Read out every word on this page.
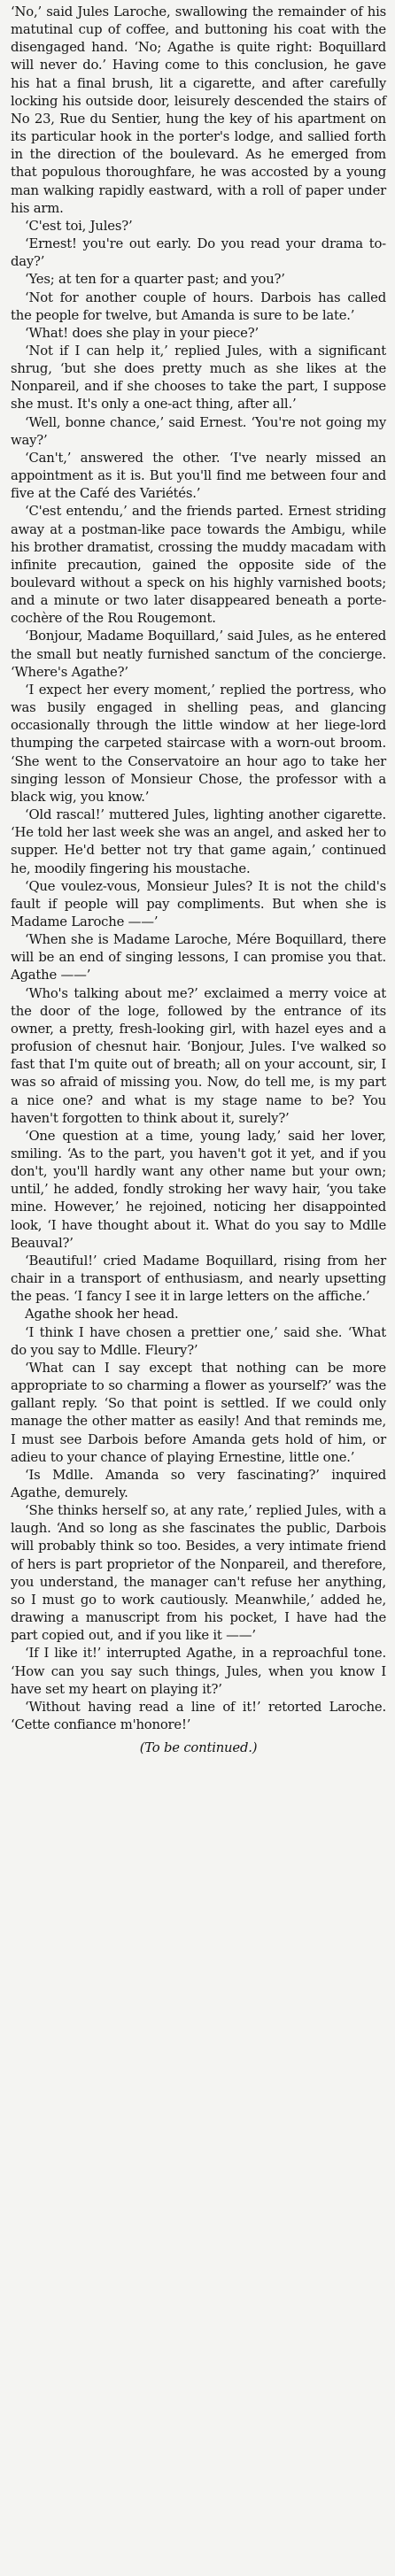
‘No,’ said Jules Laroche, swallowing the remainder of his matutinal cup of coffee, and buttoning his coat with the disengaged hand. ‘No; Agathe is quite right: Boquillard will never do.’ Having come to this conclusion, he gave his hat a final brush, lit a cigarette, and after carefully locking his outside door, leisurely descended the stairs of No 23, Rue du Sentier, hung the key of his apartment on its particular hook in the porter's lodge, and sallied forth in the direction of the boulevard. As he emerged from that populous thoroughfare, he was accosted by a young man walking rapidly eastward, with a roll of paper under his arm.

‘C'est toi, Jules?’

‘Ernest! you're out early. Do you read your drama to-day?’

‘Yes; at ten for a quarter past; and you?’

‘Not for another couple of hours. Darbois has called the people for twelve, but Amanda is sure to be late.’

‘What! does she play in your piece?’

‘Not if I can help it,’ replied Jules, with a significant shrug, ‘but she does pretty much as she likes at the Nonpareil, and if she chooses to take the part, I suppose she must. It's only a one-act thing, after all.’

‘Well, bonne chance,’ said Ernest. ‘You're not going my way?’

‘Can't,’ answered the other. ‘I've nearly missed an appointment as it is. But you'll find me between four and five at the Café des Variétés.’

‘C'est entendu,’ and the friends parted. Ernest striding away at a postman-like pace towards the Ambigu, while his brother dramatist, crossing the muddy macadam with infinite precaution, gained the opposite side of the boulevard without a speck on his highly varnished boots; and a minute or two later disappeared beneath a porte-cochère of the Rou Rougemont.

‘Bonjour, Madame Boquillard,’ said Jules, as he entered the small but neatly furnished sanctum of the concierge. ‘Where's Agathe?’

‘I expect her every moment,’ replied the portress, who was busily engaged in shelling peas, and glancing occasionally through the little window at her liege-lord thumping the carpeted staircase with a worn-out broom. ‘She went to the Conservatoire an hour ago to take her singing lesson of Monsieur Chose, the professor with a black wig, you know.’

‘Old rascal!’ muttered Jules, lighting another cigarette. ‘He told her last week she was an angel, and asked her to supper. He'd better not try that game again,’ continued he, moodily fingering his moustache.

‘Que voulez-vous, Monsieur Jules? It is not the child's fault if people will pay compliments. But when she is Madame Laroche ——’

‘When she is Madame Laroche, Mére Boquillard, there will be an end of singing lessons, I can promise you that. Agathe ——’

‘Who's talking about me?’ exclaimed a merry voice at the door of the loge, followed by the entrance of its owner, a pretty, fresh-looking girl, with hazel eyes and a profusion of chesnut hair. ‘Bonjour, Jules. I've walked so fast that I'm quite out of breath; all on your account, sir, I was so afraid of missing you. Now, do tell me, is my part a nice one? and what is my stage name to be? You haven't forgotten to think about it, surely?’

‘One question at a time, young lady,’ said her lover, smiling. ‘As to the part, you haven't got it yet, and if you don't, you'll hardly want any other name but your own; until,’ he added, fondly stroking her wavy hair, ‘you take mine. However,’ he rejoined, noticing her disappointed look, ‘I have thought about it. What do you say to Mdlle Beauval?’

‘Beautiful!’ cried Madame Boquillard, rising from her chair in a transport of enthusiasm, and nearly upsetting the peas. ‘I fancy I see it in large letters on the affiche.’

Agathe shook her head.

‘I think I have chosen a prettier one,’ said she. ‘What do you say to Mdlle. Fleury?’

‘What can I say except that nothing can be more appropriate to so charming a flower as yourself?’ was the gallant reply. ‘So that point is settled. If we could only manage the other matter as easily! And that reminds me, I must see Darbois before Amanda gets hold of him, or adieu to your chance of playing Ernestine, little one.’

‘Is Mdlle. Amanda so very fascinating?’ inquired Agathe, demurely.

‘She thinks herself so, at any rate,’ replied Jules, with a laugh. ‘And so long as she fascinates the public, Darbois will probably think so too. Besides, a very intimate friend of hers is part proprietor of the Nonpareil, and therefore, you understand, the manager can't refuse her anything, so I must go to work cautiously. Meanwhile,’ added he, drawing a manuscript from his pocket, I have had the part copied out, and if you like it ——’

‘If I like it!’ interrupted Agathe, in a reproachful tone. ‘How can you say such things, Jules, when you know I have set my heart on playing it?’

‘Without having read a line of it!’ retorted Laroche. ‘Cette confiance m'honore!’

(To be continued.)
